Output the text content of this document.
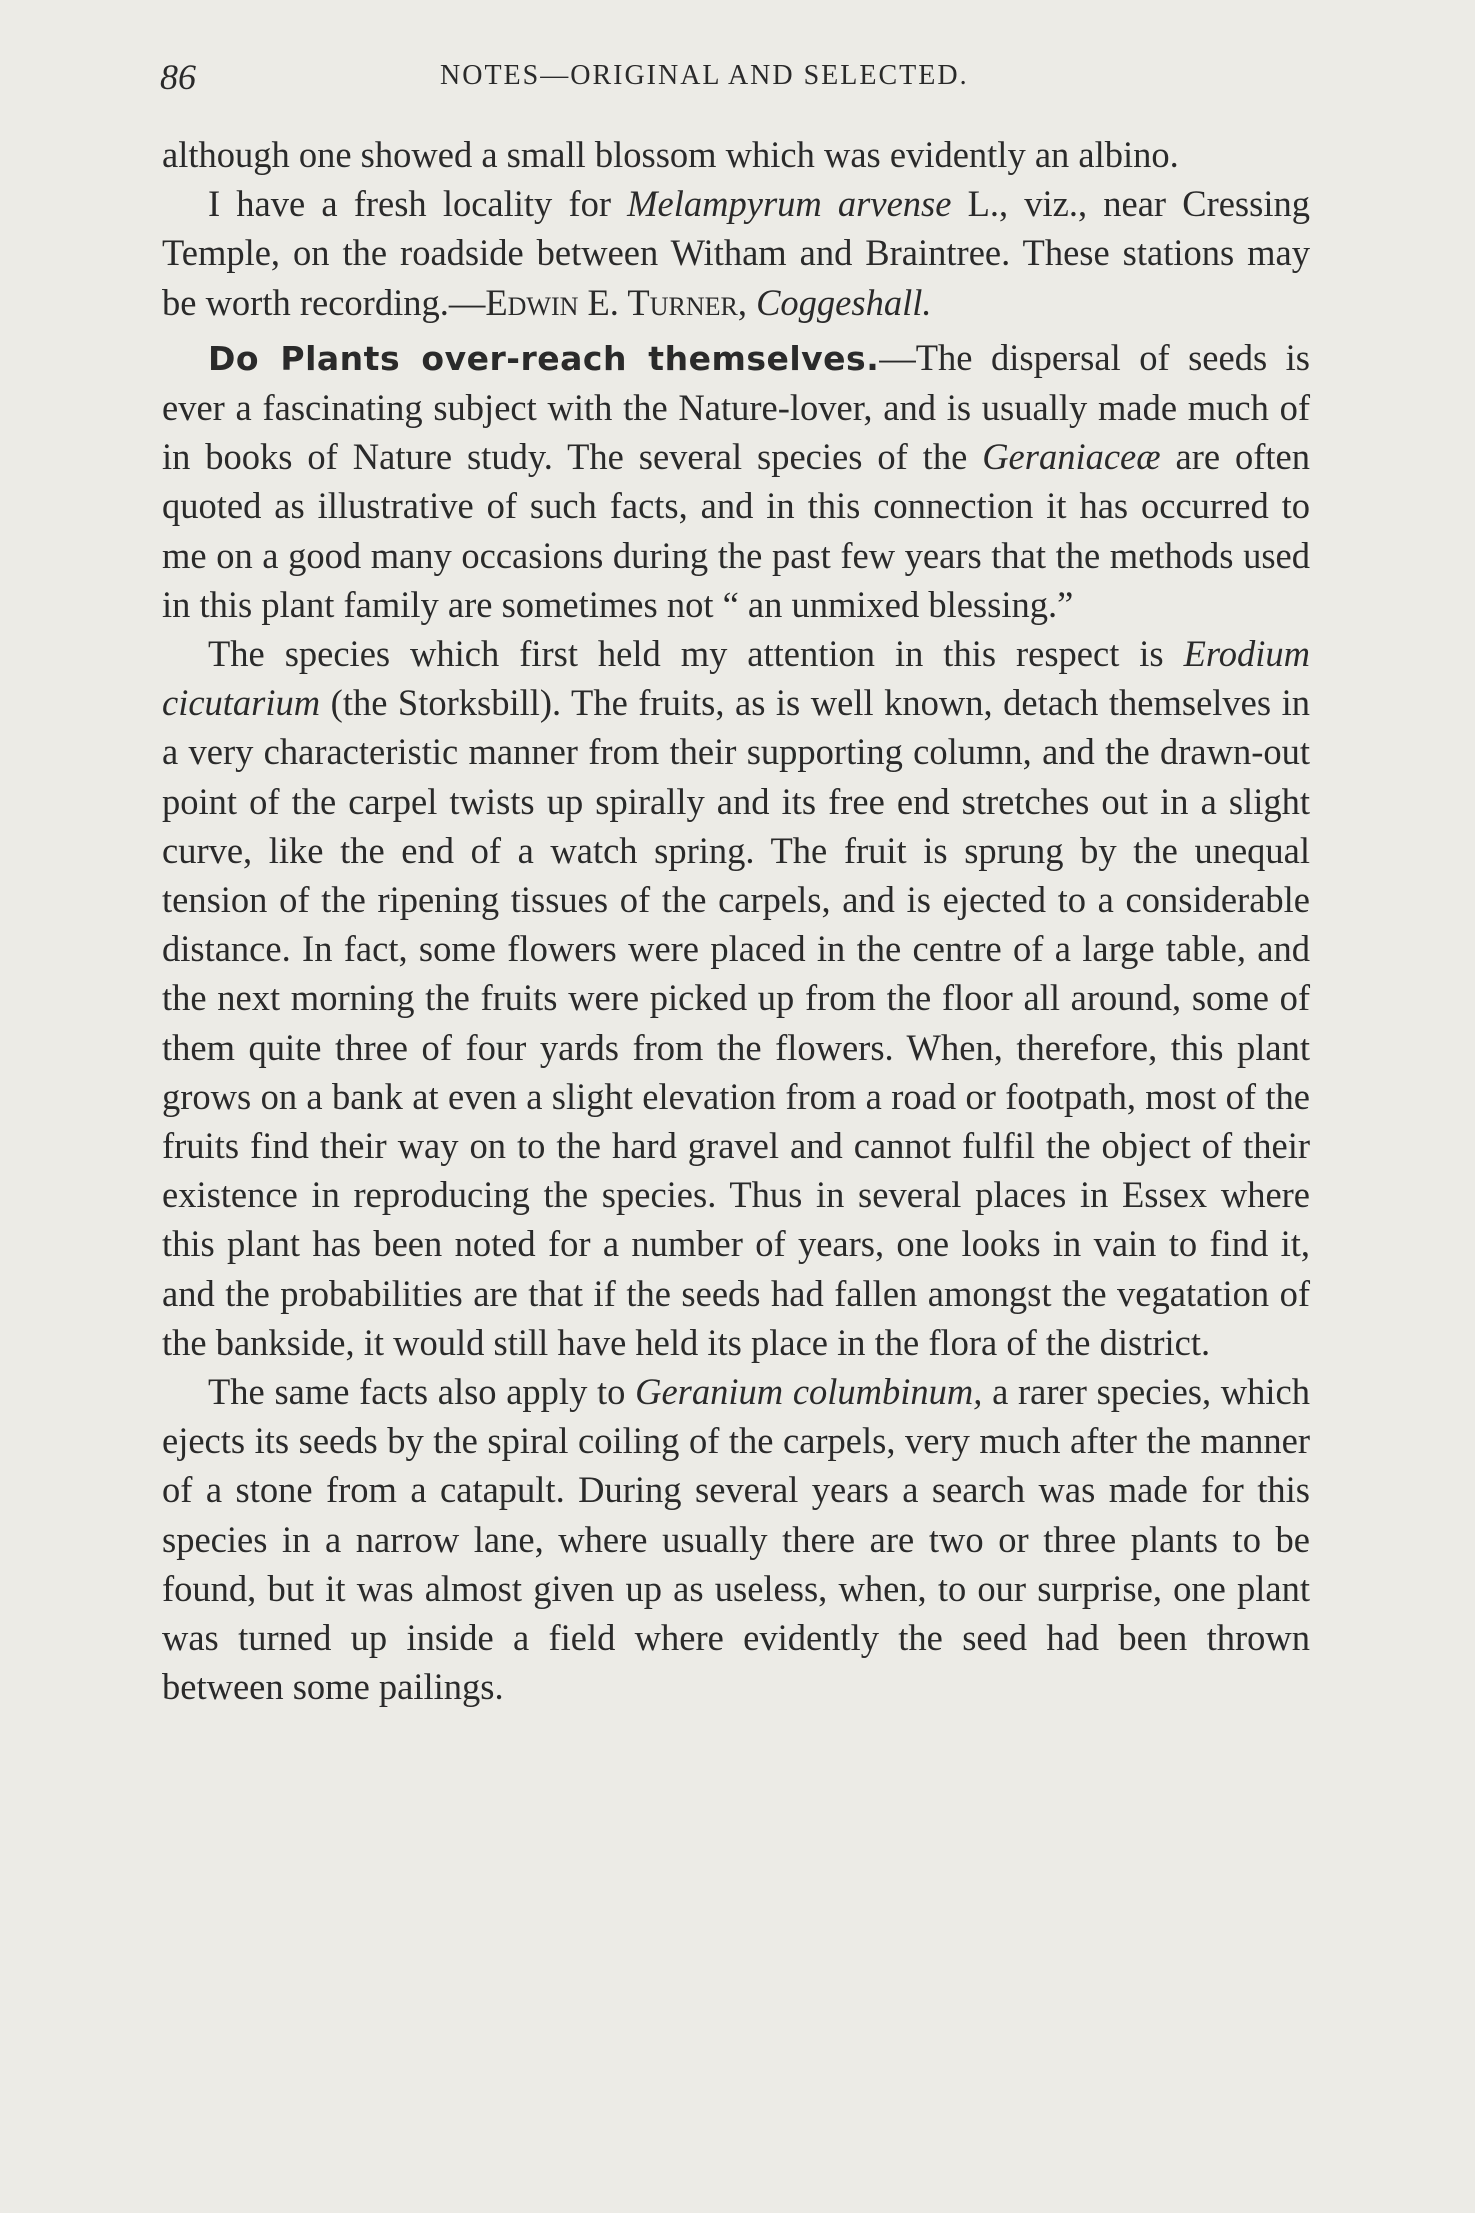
86	NOTES—ORIGINAL AND SELECTED.

although one showed a small blossom which was evidently an albino.

I have a fresh locality for Melampyrum arvense L., viz., near Cressing Temple, on the roadside between Witham and Braintree. These stations may be worth recording.—Edwin E. Turner, Coggeshall.

Do Plants over-reach themselves.—The dispersal of seeds is ever a fascinating subject with the Nature-lover, and is usually made much of in books of Nature study. The several species of the Geraniaceæ are often quoted as illustrative of such facts, and in this connection it has occurred to me on a good many occasions during the past few years that the methods used in this plant family are sometimes not “ an unmixed blessing.”

The species which first held my attention in this respect is Erodium cicutarium (the Storksbill). The fruits, as is well known, detach themselves in a very characteristic manner from their supporting column, and the drawn-out point of the carpel twists up spirally and its free end stretches out in a slight curve, like the end of a watch spring. The fruit is sprung by the unequal tension of the ripening tissues of the carpels, and is ejected to a considerable distance. In fact, some flowers were placed in the centre of a large table, and the next morning the fruits were picked up from the floor all around, some of them quite three of four yards from the flowers. When, therefore, this plant grows on a bank at even a slight elevation from a road or footpath, most of the fruits find their way on to the hard gravel and cannot fulfil the object of their existence in reproducing the species. Thus in several places in Essex where this plant has been noted for a number of years, one looks in vain to find it, and the probabilities are that if the seeds had fallen amongst the vegatation of the bankside, it would still have held its place in the flora of the district.

The same facts also apply to Geranium columbinum, a rarer species, which ejects its seeds by the spiral coiling of the carpels, very much after the manner of a stone from a catapult. During several years a search was made for this species in a narrow lane, where usually there are two or three plants to be found, but it was almost given up as useless, when, to our surprise, one plant was turned up inside a field where evidently the seed had been thrown between some pailings.
